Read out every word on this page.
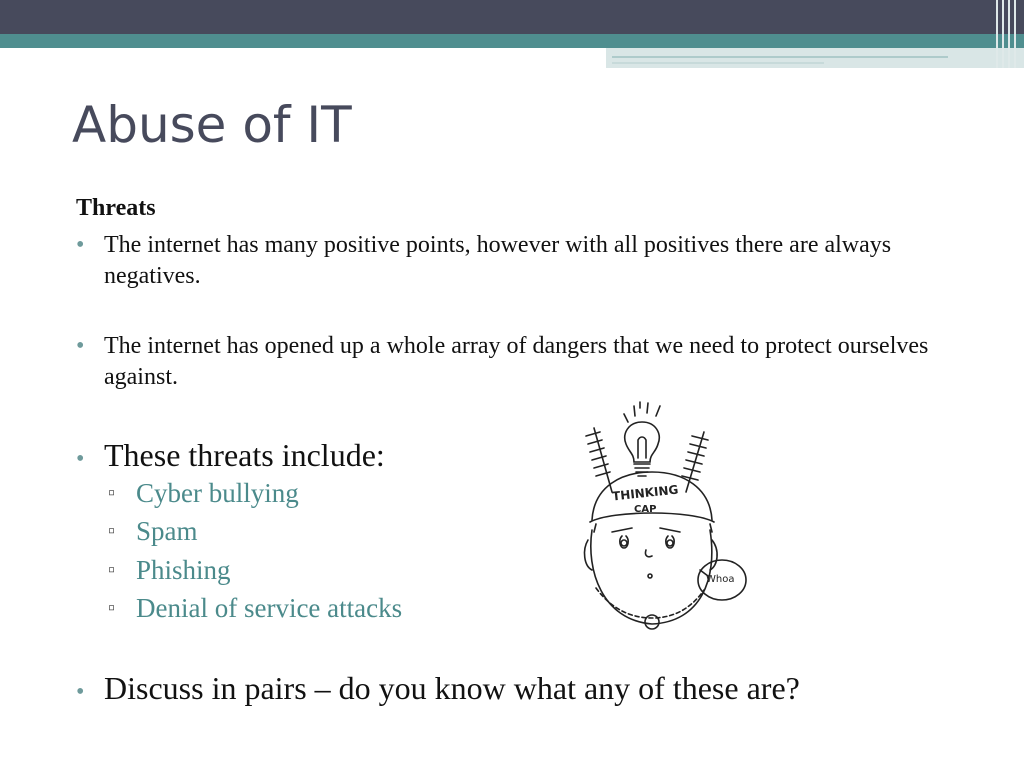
Abuse of IT
Threats
• The internet has many positive points, however with all positives there are always negatives.
• The internet has opened up a whole array of dangers that we need to protect ourselves against.
• These threats include:
▫ Cyber bullying
▫ Spam
▫ Phishing
▫ Denial of service attacks
• Discuss in pairs – do you know what any of these are?
THINKING
CAP
Whoa
